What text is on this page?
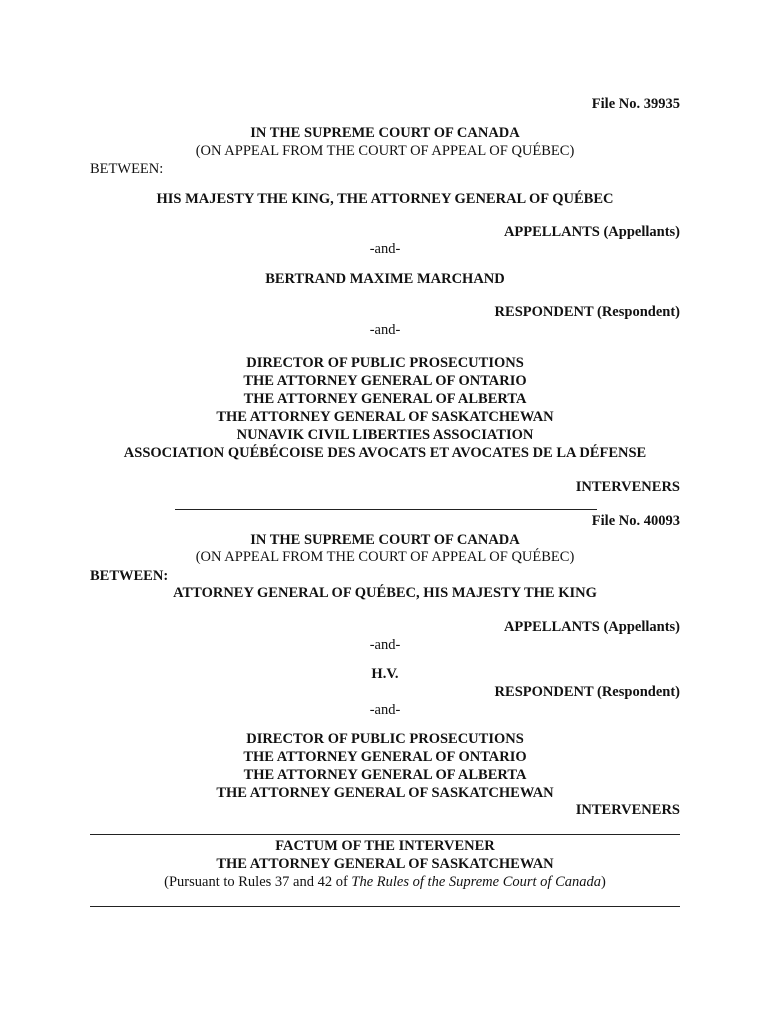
File No. 39935
IN THE SUPREME COURT OF CANADA
(ON APPEAL FROM THE COURT OF APPEAL OF QUÉBEC)
BETWEEN:
HIS MAJESTY THE KING, THE ATTORNEY GENERAL OF QUÉBEC
APPELLANTS (Appellants)
-and-
BERTRAND MAXIME MARCHAND
RESPONDENT (Respondent)
-and-
DIRECTOR OF PUBLIC PROSECUTIONS
THE ATTORNEY GENERAL OF ONTARIO
THE ATTORNEY GENERAL OF ALBERTA
THE ATTORNEY GENERAL OF SASKATCHEWAN
NUNAVIK CIVIL LIBERTIES ASSOCIATION
ASSOCIATION QUÉBÉCOISE DES AVOCATS ET AVOCATES DE LA DÉFENSE
INTERVENERS
File No. 40093
IN THE SUPREME COURT OF CANADA
(ON APPEAL FROM THE COURT OF APPEAL OF QUÉBEC)
BETWEEN:
ATTORNEY GENERAL OF QUÉBEC, HIS MAJESTY THE KING
APPELLANTS (Appellants)
-and-
H.V.
RESPONDENT (Respondent)
-and-
DIRECTOR OF PUBLIC PROSECUTIONS
THE ATTORNEY GENERAL OF ONTARIO
THE ATTORNEY GENERAL OF ALBERTA
THE ATTORNEY GENERAL OF SASKATCHEWAN
INTERVENERS
FACTUM OF THE INTERVENER
THE ATTORNEY GENERAL OF SASKATCHEWAN
(Pursuant to Rules 37 and 42 of The Rules of the Supreme Court of Canada)
